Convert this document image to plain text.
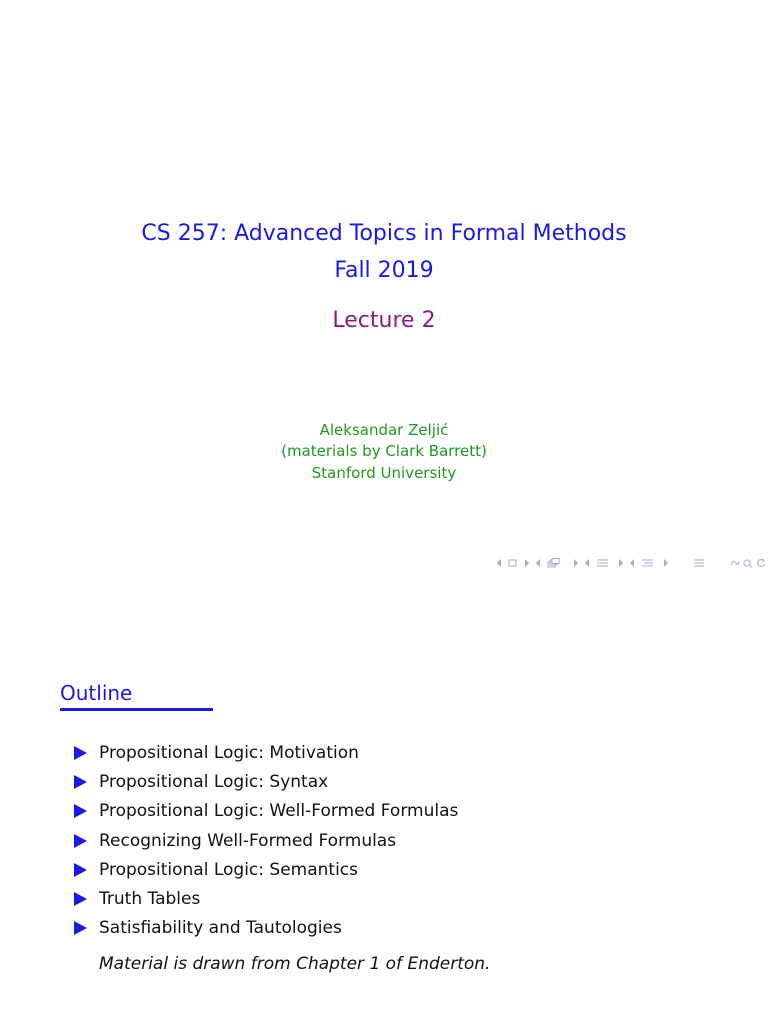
CS 257: Advanced Topics in Formal Methods
Fall 2019
Lecture 2
Aleksandar Zeljić
(materials by Clark Barrett)
Stanford University
Outline
Propositional Logic: Motivation
Propositional Logic: Syntax
Propositional Logic: Well-Formed Formulas
Recognizing Well-Formed Formulas
Propositional Logic: Semantics
Truth Tables
Satisfiability and Tautologies
Material is drawn from Chapter 1 of Enderton.
